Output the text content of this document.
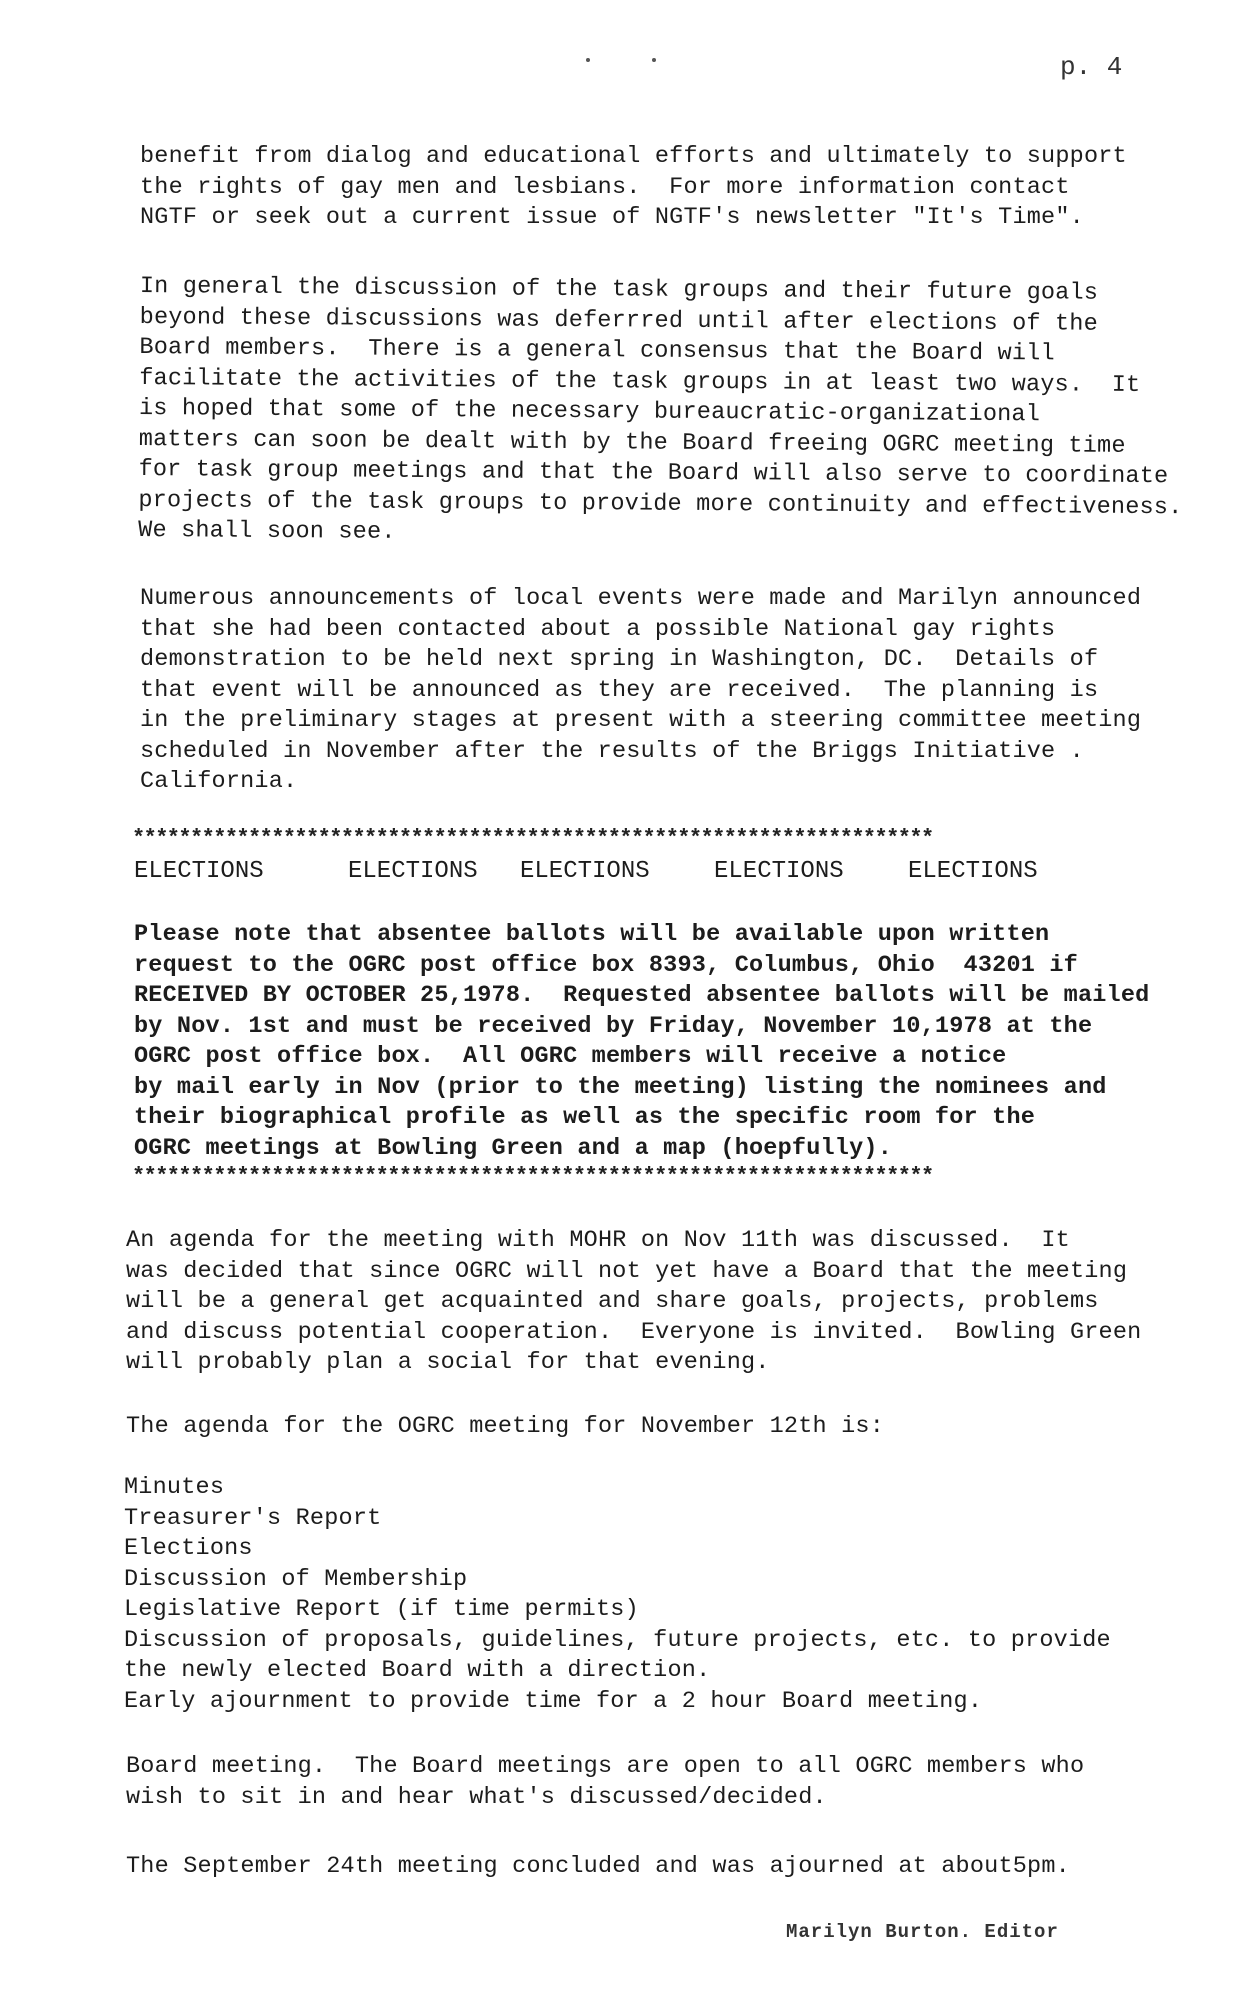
p. 4

benefit from dialog and educational efforts and ultimately to support
the rights of gay men and lesbians.  For more information contact
NGTF or seek out a current issue of NGTF's newsletter "It's Time".

In general the discussion of the task groups and their future goals
beyond these discussions was deferrred until after elections of the
Board members.  There is a general consensus that the Board will
facilitate the activities of the task groups in at least two ways.  It
is hoped that some of the necessary bureaucratic-organizational
matters can soon be dealt with by the Board freeing OGRC meeting time
for task group meetings and that the Board will also serve to coordinate
projects of the task groups to provide more continuity and effectiveness.
We shall soon see.

Numerous announcements of local events were made and Marilyn announced
that she had been contacted about a possible National gay rights
demonstration to be held next spring in Washington, DC.  Details of
that event will be announced as they are received.  The planning is
in the preliminary stages at present with a steering committee meeting
scheduled in November after the results of the Briggs Initiative .
California.

*********************************************************************

ELECTIONS	ELECTIONS ELECTIONS	ELECTIONS	ELECTIONS

Please note that absentee ballots will be available upon written
request to the OGRC post office box 8393, Columbus, Ohio  43201 if
RECEIVED BY OCTOBER 25,1978.  Requested absentee ballots will be mailed
by Nov. 1st and must be received by Friday, November 10,1978 at the
OGRC post office box.  All OGRC members will receive a notice
by mail early in Nov (prior to the meeting) listing the nominees and
their biographical profile as well as the specific room for the
OGRC meetings at Bowling Green and a map (hoepfully).

*********************************************************************

An agenda for the meeting with MOHR on Nov 11th was discussed.  It
was decided that since OGRC will not yet have a Board that the meeting
will be a general get acquainted and share goals, projects, problems
and discuss potential cooperation.  Everyone is invited.  Bowling Green
will probably plan a social for that evening.

The agenda for the OGRC meeting for November 12th is:

Minutes
Treasurer's Report
Elections
Discussion of Membership
Legislative Report (if time permits)
Discussion of proposals, guidelines, future projects, etc. to provide
the newly elected Board with a direction.
Early ajournment to provide time for a 2 hour Board meeting.

Board meeting.  The Board meetings are open to all OGRC members who
wish to sit in and hear what's discussed/decided.

The September 24th meeting concluded and was ajourned at about5pm.

Marilyn Burton. Editor
